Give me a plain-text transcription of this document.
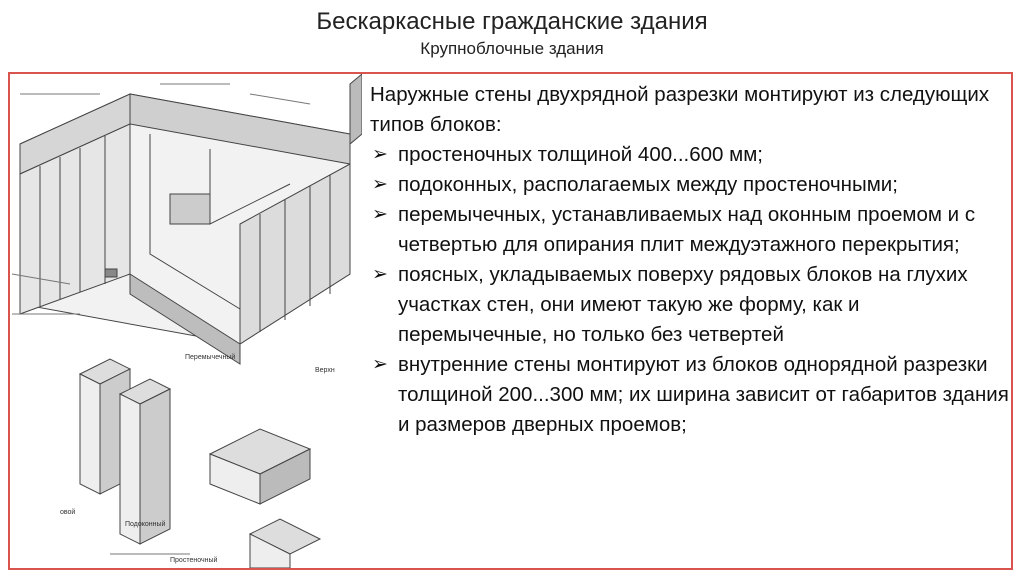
Бескаркасные гражданские здания
Крупноблочные здания
Перемычечный
Верхн
Подоконный
Простеночный
овой

Наружные стены двухрядной разрезки монтируют из следующих типов блоков:

➢ простеночных толщиной 400...600 мм;
➢ подоконных, располагаемых между простеночными;
➢ перемычечных, устанавливаемых над оконным проемом и с четвертью для опирания плит междуэтажного перекрытия;
➢ поясных, укладываемых поверху рядовых блоков на глухих участках стен, они имеют такую же форму, как и перемычечные, но только без четвертей
➢ внутренние стены монтируют из блоков однорядной разрезки толщиной 200...300 мм; их ширина зависит от габаритов здания и размеров дверных проемов;
